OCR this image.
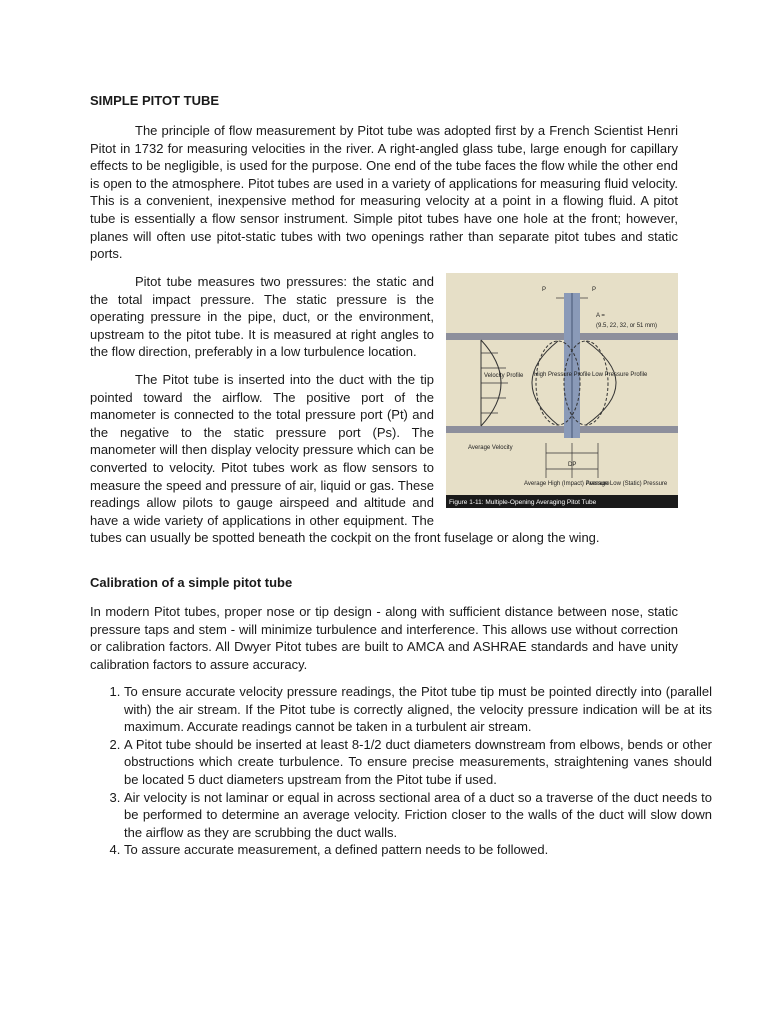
SIMPLE PITOT TUBE

The principle of flow measurement by Pitot tube was adopted first by a French Scientist Henri Pitot in 1732 for measuring velocities in the river. A right-angled glass tube, large enough for capillary effects to be negligible, is used for the purpose. One end of the tube faces the flow while the other end is open to the atmosphere. Pitot tubes are used in a variety of applications for measuring fluid velocity. This is a convenient, inexpensive method for measuring velocity at a point in a flowing fluid. A pitot tube is essentially a flow sensor instrument. Simple pitot tubes have one hole at the front; however, planes will often use pitot-static tubes with two openings rather than separate pitot tubes and static ports.

P	P
A =
(9.5, 22, 32, or 51 mm)
Velocity Profile High Pressure Profile Low Pressure Profile
Average Velocity
DP
Average High (Impact) Pressure
Average Low (Static) Pressure
Figure 1-11: Multiple-Opening Averaging Pitot Tube

Pitot tube measures two pressures: the static and the total impact pressure. The static pressure is the operating pressure in the pipe, duct, or the environment, upstream to the pitot tube. It is measured at right angles to the flow direction, preferably in a low turbulence location.

The Pitot tube is inserted into the duct with the tip pointed toward the airflow. The positive port of the manometer is connected to the total pressure port (Pt) and the negative to the static pressure port (Ps). The manometer will then display velocity pressure which can be converted to velocity. Pitot tubes work as flow sensors to measure the speed and pressure of air, liquid or gas. These readings allow pilots to gauge airspeed and altitude and have a wide variety of applications in other equipment. The tubes can usually be spotted beneath the cockpit on the front fuselage or along the wing.

Calibration of a simple pitot tube

In modern Pitot tubes, proper nose or tip design - along with sufficient distance between nose, static pressure taps and stem - will minimize turbulence and interference. This allows use without correction or calibration factors. All Dwyer Pitot tubes are built to AMCA and ASHRAE standards and have unity calibration factors to assure accuracy.

1. To ensure accurate velocity pressure readings, the Pitot tube tip must be pointed directly into (parallel with) the air stream. If the Pitot tube is correctly aligned, the velocity pressure indication will be at its maximum. Accurate readings cannot be taken in a turbulent air stream.
2. A Pitot tube should be inserted at least 8-1/2 duct diameters downstream from elbows, bends or other obstructions which create turbulence. To ensure precise measurements, straightening vanes should be located 5 duct diameters upstream from the Pitot tube if used.
3. Air velocity is not laminar or equal in across sectional area of a duct so a traverse of the duct needs to be performed to determine an average velocity. Friction closer to the walls of the duct will slow down the airflow as they are scrubbing the duct walls.
4. To assure accurate measurement, a defined pattern needs to be followed.
